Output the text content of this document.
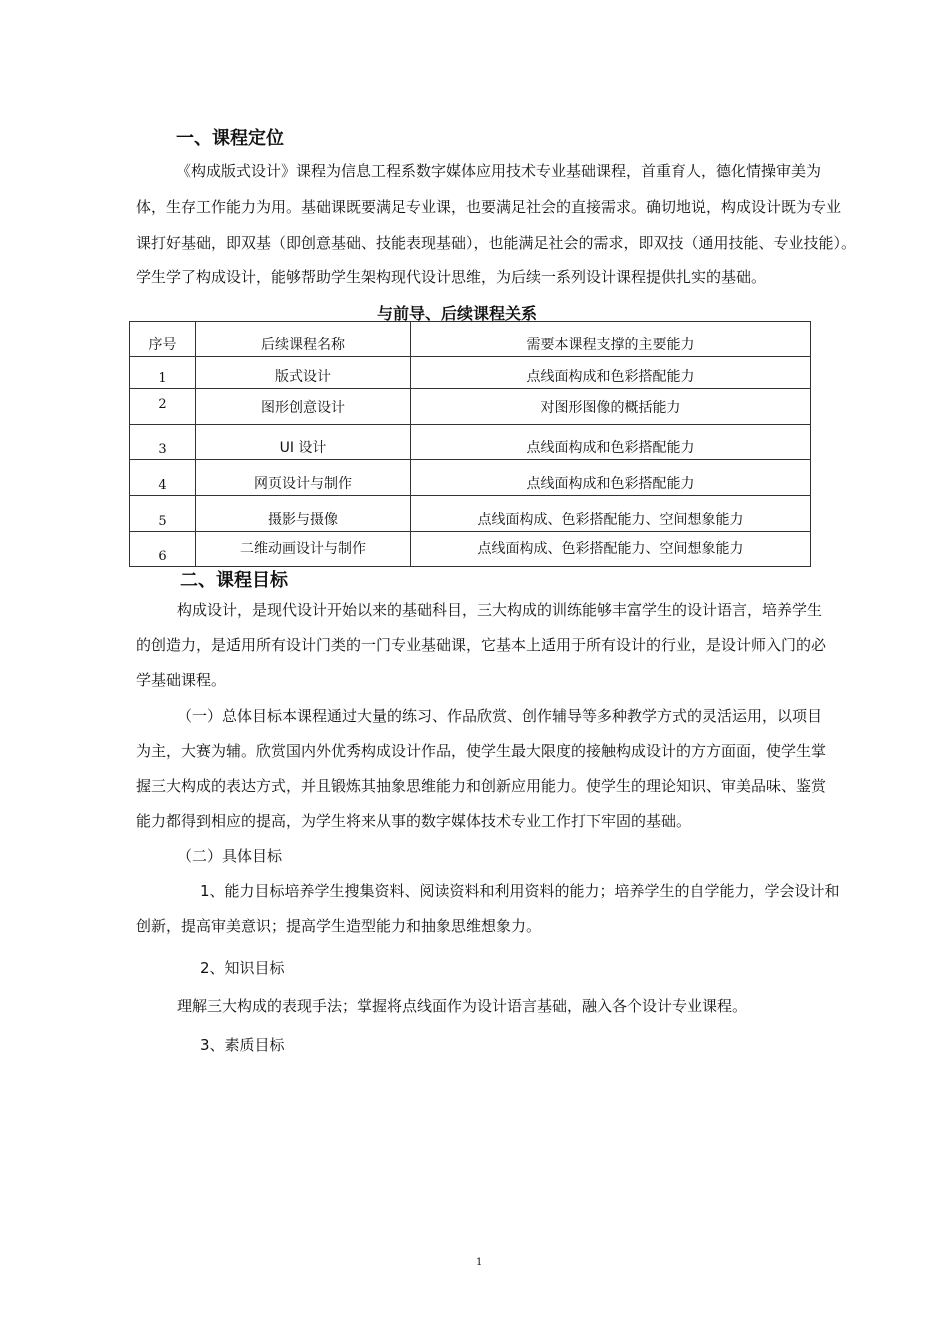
一、课程定位
《构成版式设计》课程为信息工程系数字媒体应用技术专业基础课程，首重育人，德化情操审美为
体，生存工作能力为用。基础课既要满足专业课，也要满足社会的直接需求。确切地说，构成设计既为专业
课打好基础，即双基（即创意基础、技能表现基础），也能满足社会的需求，即双技（通用技能、专业技能）。
学生学了构成设计，能够帮助学生架构现代设计思维，为后续一系列设计课程提供扎实的基础。
与前导、后续课程关系
序号	后续课程名称	需要本课程支撑的主要能力
1	版式设计	点线面构成和色彩搭配能力
2	图形创意设计	对图形图像的概括能力
3	UI 设计	点线面构成和色彩搭配能力
4	网页设计与制作	点线面构成和色彩搭配能力
5	摄影与摄像	点线面构成、色彩搭配能力、空间想象能力
6	二维动画设计与制作	点线面构成、色彩搭配能力、空间想象能力
二、课程目标
构成设计，是现代设计开始以来的基础科目，三大构成的训练能够丰富学生的设计语言，培养学生
的创造力，是适用所有设计门类的一门专业基础课，它基本上适用于所有设计的行业，是设计师入门的必
学基础课程。
（一）总体目标本课程通过大量的练习、作品欣赏、创作辅导等多种教学方式的灵活运用，以项目
为主，大赛为辅。欣赏国内外优秀构成设计作品，使学生最大限度的接触构成设计的方方面面，使学生掌
握三大构成的表达方式，并且锻炼其抽象思维能力和创新应用能力。使学生的理论知识、审美品味、鉴赏
能力都得到相应的提高，为学生将来从事的数字媒体技术专业工作打下牢固的基础。
（二）具体目标
1、能力目标培养学生搜集资料、阅读资料和利用资料的能力；培养学生的自学能力，学会设计和
创新，提高审美意识；提高学生造型能力和抽象思维想象力。
2、知识目标
理解三大构成的表现手法；掌握将点线面作为设计语言基础，融入各个设计专业课程。
3、素质目标
1
